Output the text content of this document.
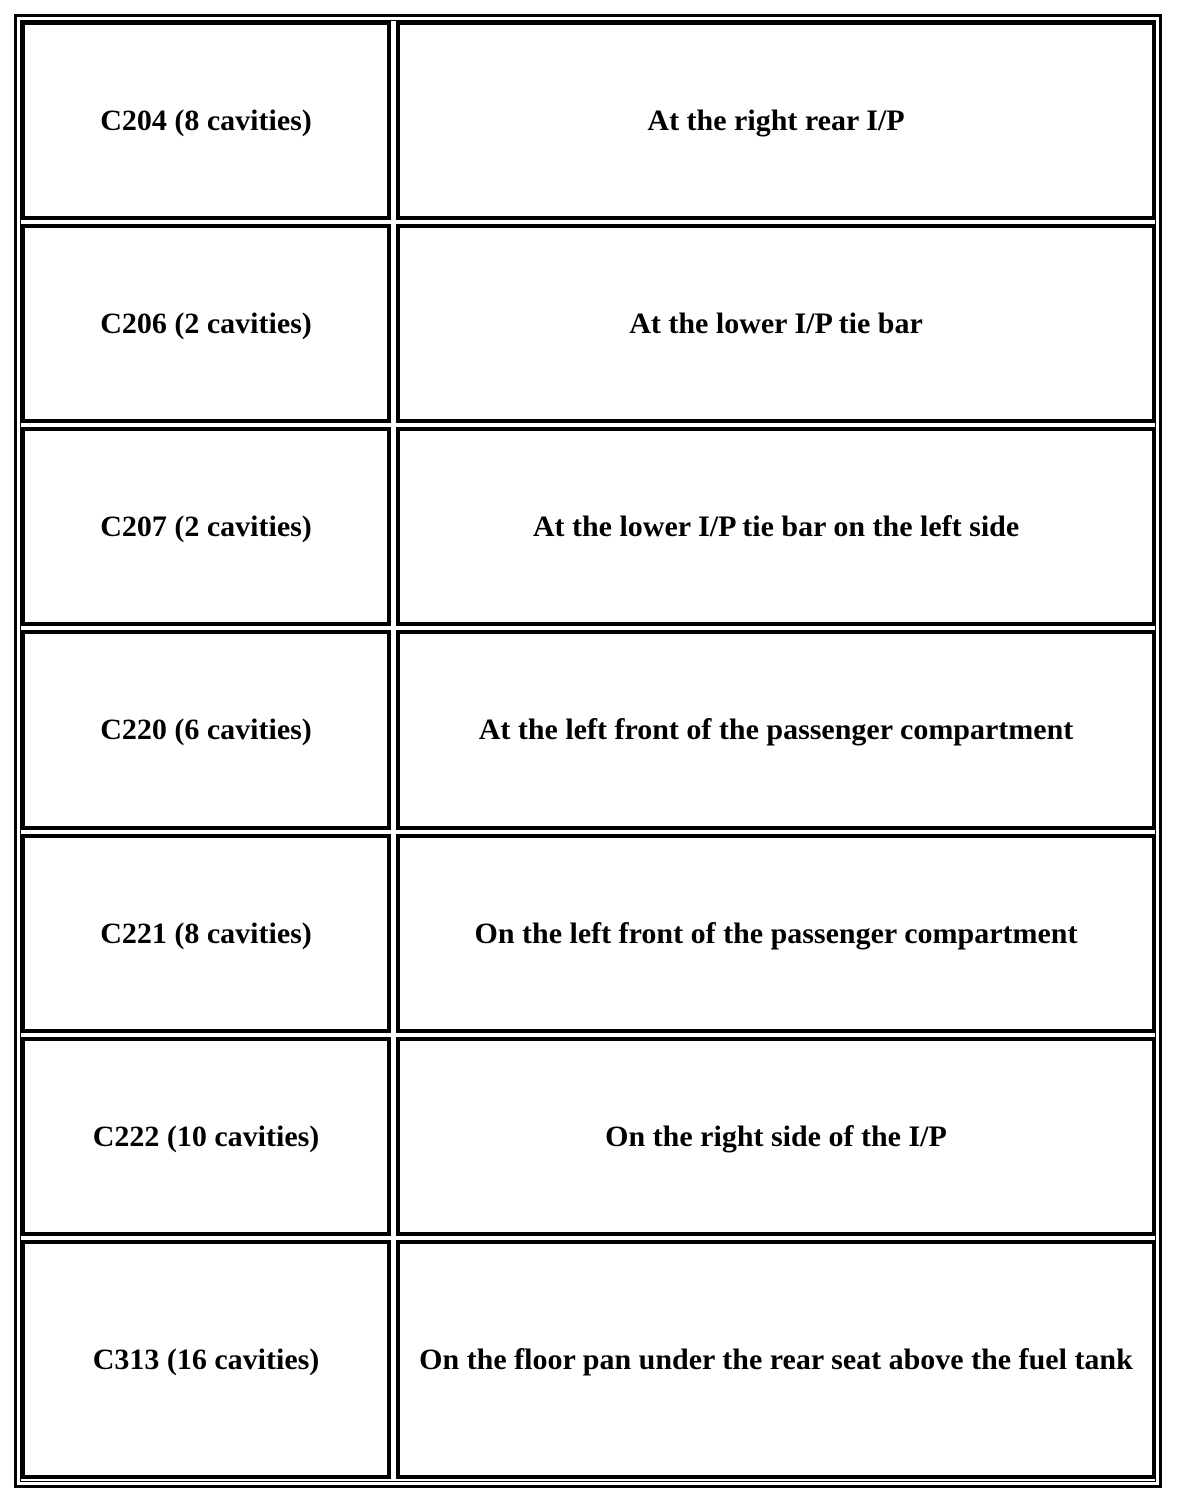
C204 (8 cavities)	At the right rear I/P
C206 (2 cavities)	At the lower I/P tie bar
C207 (2 cavities)	At the lower I/P tie bar on the left side
C220 (6 cavities)	At the left front of the passenger compartment
C221 (8 cavities)	On the left front of the passenger compartment
C222 (10 cavities)	On the right side of the I/P
C313 (16 cavities)	On the floor pan under the rear seat above the fuel tank
